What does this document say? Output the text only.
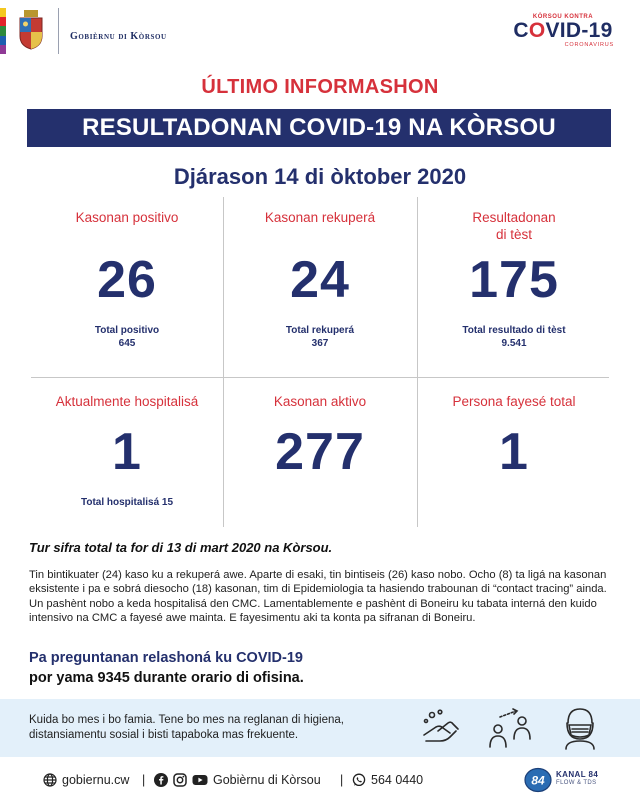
Gobièrnu di Kòrsou
KÒRSOU KONTRA
COVID-19
CORONAVIRUS
ÚLTIMO INFORMASHON
RESULTADONAN COVID-19 NA KÒRSOU
Djárason 14 di òktober 2020
Kasonan positivo
26
Total positivo
645
Kasonan rekuperá
24
Total rekuperá
367
Resultadonan
di tèst
175
Total resultado di tèst
9.541
Aktualmente hospitalisá
1
Total hospitalisá 15
Kasonan aktivo
277
Persona fayesé total
1
Tur sifra total ta for di 13 di mart 2020 na Kòrsou.
Tin bintikuater (24) kaso ku a rekuperá awe. Aparte di esaki, tin bintiseis (26) kaso nobo. Ocho (8) ta ligá na kasonan eksistente i pa e sobrá diesocho (18) kasonan, tim di Epidemiologia ta hasiendo trabounan di “contact tracing” ainda. Un pashènt nobo a keda hospitalisá den CMC. Lamentablemente e pashènt di Boneiru ku tabata interná den kuido intensivo na CMC a fayesé awe mainta. E fayesimentu aki ta konta pa sifranan di Boneiru.
Pa preguntanan relashoná ku COVID-19
por yama 9345 durante orario di ofisina.
Kuida bo mes i bo famia. Tene bo mes na reglanan di higiena, distansiamentu sosial i bisti tapaboka mas frekuente.
gobiernu.cw |	Gobièrnu di Kòrsou | 564 0440	84 KANAL 84
FLOW & TDS
